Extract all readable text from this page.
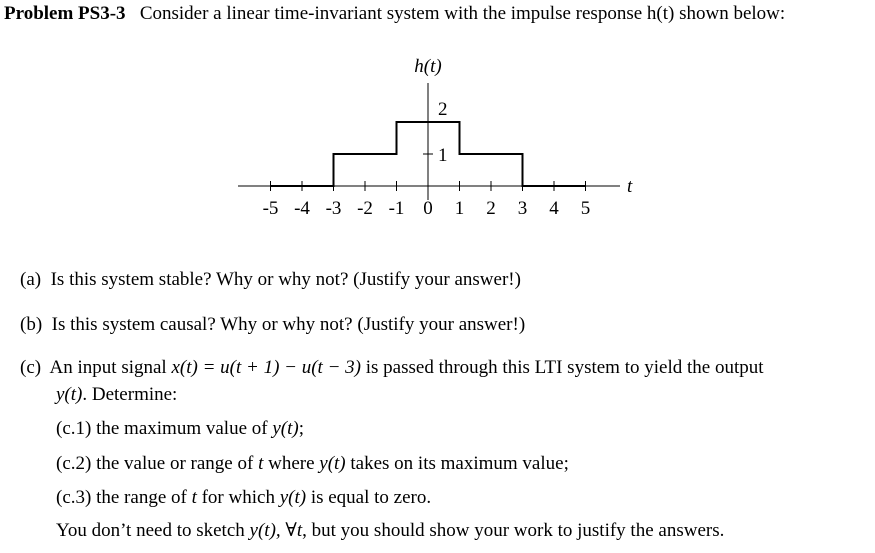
Problem PS3-3 Consider a linear time-invariant system with the impulse response h(t) shown below:
h(t)
t
2
1
-5 -4 -3 -2 -1 0 1 2 3 4 5
(a) Is this system stable? Why or why not? (Justify your answer!)
(b) Is this system causal? Why or why not? (Justify your answer!)
(c) An input signal x(t) = u(t + 1) − u(t − 3) is passed through this LTI system to yield the output
y(t). Determine:
(c.1) the maximum value of y(t);
(c.2) the value or range of t where y(t) takes on its maximum value;
(c.3) the range of t for which y(t) is equal to zero.
You don’t need to sketch y(t), ∀t, but you should show your work to justify the answers.
